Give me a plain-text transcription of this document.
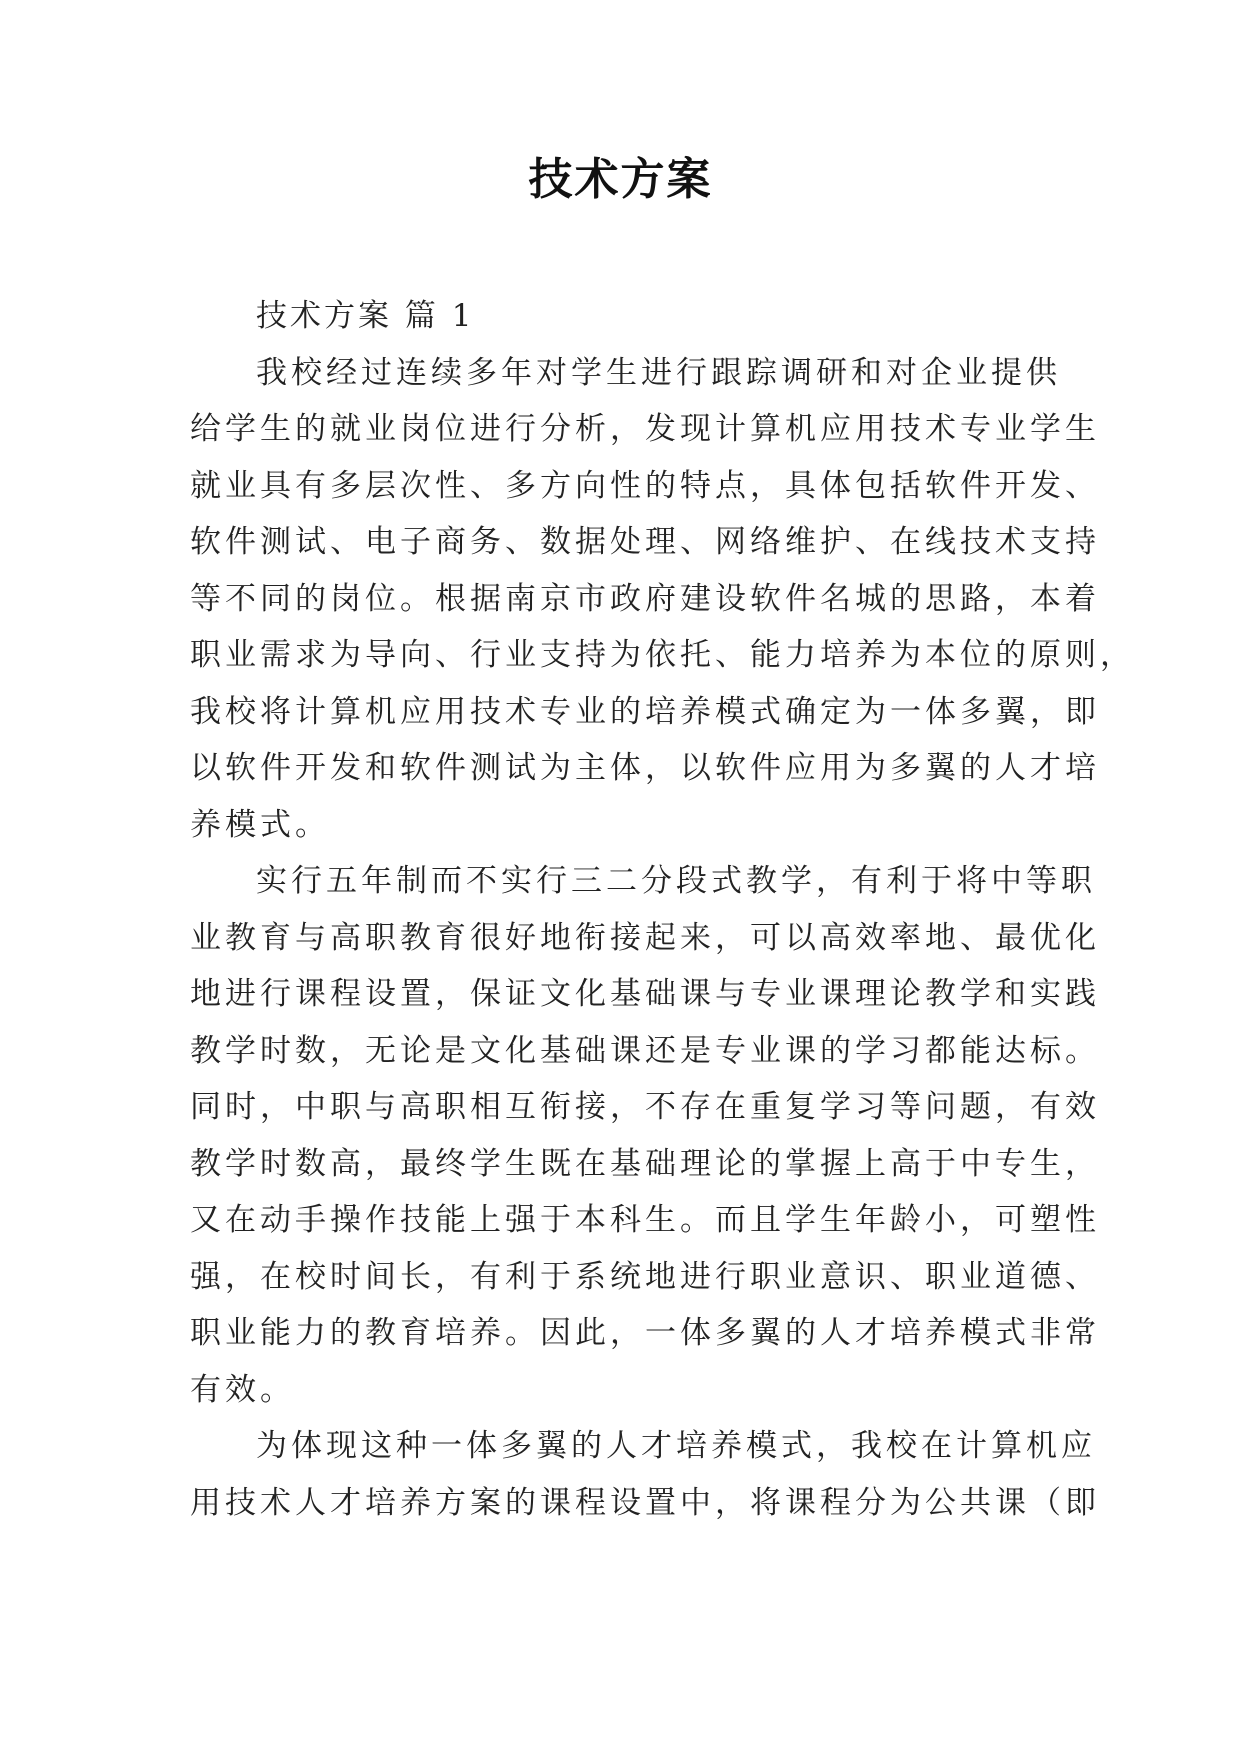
技术方案
技术方案 篇 1
我校经过连续多年对学生进行跟踪调研和对企业提供
给学生的就业岗位进行分析，发现计算机应用技术专业学生
就业具有多层次性、多方向性的特点，具体包括软件开发、
软件测试、电子商务、数据处理、网络维护、在线技术支持
等不同的岗位。根据南京市政府建设软件名城的思路，本着
职业需求为导向、行业支持为依托、能力培养为本位的原则，
我校将计算机应用技术专业的培养模式确定为一体多翼，即
以软件开发和软件测试为主体，以软件应用为多翼的人才培
养模式。
实行五年制而不实行三二分段式教学，有利于将中等职
业教育与高职教育很好地衔接起来，可以高效率地、最优化
地进行课程设置，保证文化基础课与专业课理论教学和实践
教学时数，无论是文化基础课还是专业课的学习都能达标。
同时，中职与高职相互衔接，不存在重复学习等问题，有效
教学时数高，最终学生既在基础理论的掌握上高于中专生，
又在动手操作技能上强于本科生。而且学生年龄小，可塑性
强，在校时间长，有利于系统地进行职业意识、职业道德、
职业能力的教育培养。因此，一体多翼的人才培养模式非常
有效。
为体现这种一体多翼的人才培养模式，我校在计算机应
用技术人才培养方案的课程设置中，将课程分为公共课（即
